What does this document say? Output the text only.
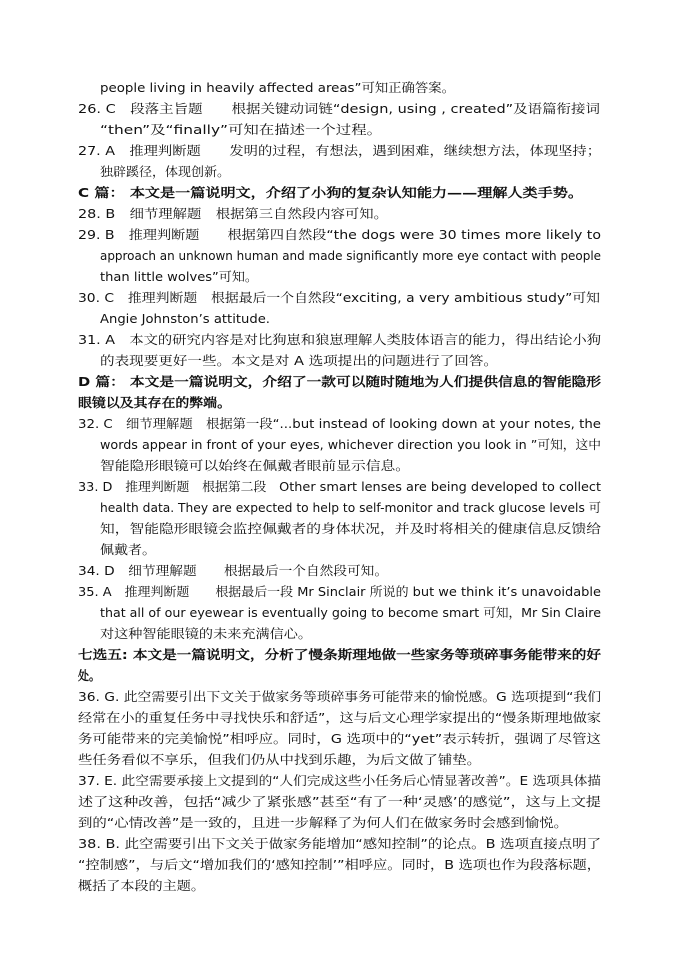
people living in heavily affected areas”可知正确答案。
26. C　段落主旨题　　根据关键动词链“design, using , created”及语篇衔接词
“then”及“finally”可知在描述一个过程。
27. A　推理判断题　　发明的过程，有想法，遇到困难，继续想方法，体现坚持；
独辟蹊径，体现创新。
C 篇： 本文是一篇说明文，介绍了小狗的复杂认知能力——理解人类手势。
28. B　细节理解题　根据第三自然段内容可知。
29. B　推理判断题　　根据第四自然段“the dogs were 30 times more likely to
approach an unknown human and made significantly more eye contact with people
than little wolves”可知。
30. C　推理判断题　根据最后一个自然段“exciting, a very ambitious study”可知
Angie Johnston’s attitude.
31. A　本文的研究内容是对比狗崽和狼崽理解人类肢体语言的能力，得出结论小狗
的表现要更好一些。本文是对 A 选项提出的问题进行了回答。
D 篇： 本文是一篇说明文，介绍了一款可以随时随地为人们提供信息的智能隐形
眼镜以及其存在的弊端。
32. C　细节理解题　根据第一段“...but instead of looking down at your notes, the
words appear in front of your eyes, whichever direction you look in ”可知，这中
智能隐形眼镜可以始终在佩戴者眼前显示信息。
33. D　推理判断题　根据第二段　Other smart lenses are being developed to collect
health data. They are expected to help to self-monitor and track glucose levels 可
知，智能隐形眼镜会监控佩戴者的身体状况，并及时将相关的健康信息反馈给
佩戴者。
34. D　细节理解题　　根据最后一个自然段可知。
35. A　推理判断题　　根据最后一段 Mr Sinclair 所说的 but we think it’s unavoidable
that all of our eyewear is eventually going to become smart 可知，Mr Sin Claire
对这种智能眼镜的未来充满信心。
七选五: 本文是一篇说明文，分析了慢条斯理地做一些家务等琐碎事务能带来的好
处。
36. G. 此空需要引出下文关于做家务等琐碎事务可能带来的愉悦感。G 选项提到“我们
经常在小的重复任务中寻找快乐和舒适”，这与后文心理学家提出的“慢条斯理地做家
务可能带来的完美愉悦”相呼应。同时，G 选项中的“yet”表示转折，强调了尽管这
些任务看似不享乐，但我们仍从中找到乐趣，为后文做了铺垫。
37. E. 此空需要承接上文提到的“人们完成这些小任务后心情显著改善”。E 选项具体描
述了这种改善，包括“减少了紧张感”甚至“有了一种‘灵感’的感觉”，这与上文提
到的“心情改善”是一致的，且进一步解释了为何人们在做家务时会感到愉悦。
38. B. 此空需要引出下文关于做家务能增加“感知控制”的论点。B 选项直接点明了
“控制感”，与后文“增加我们的‘感知控制’”相呼应。同时，B 选项也作为段落标题，
概括了本段的主题。
